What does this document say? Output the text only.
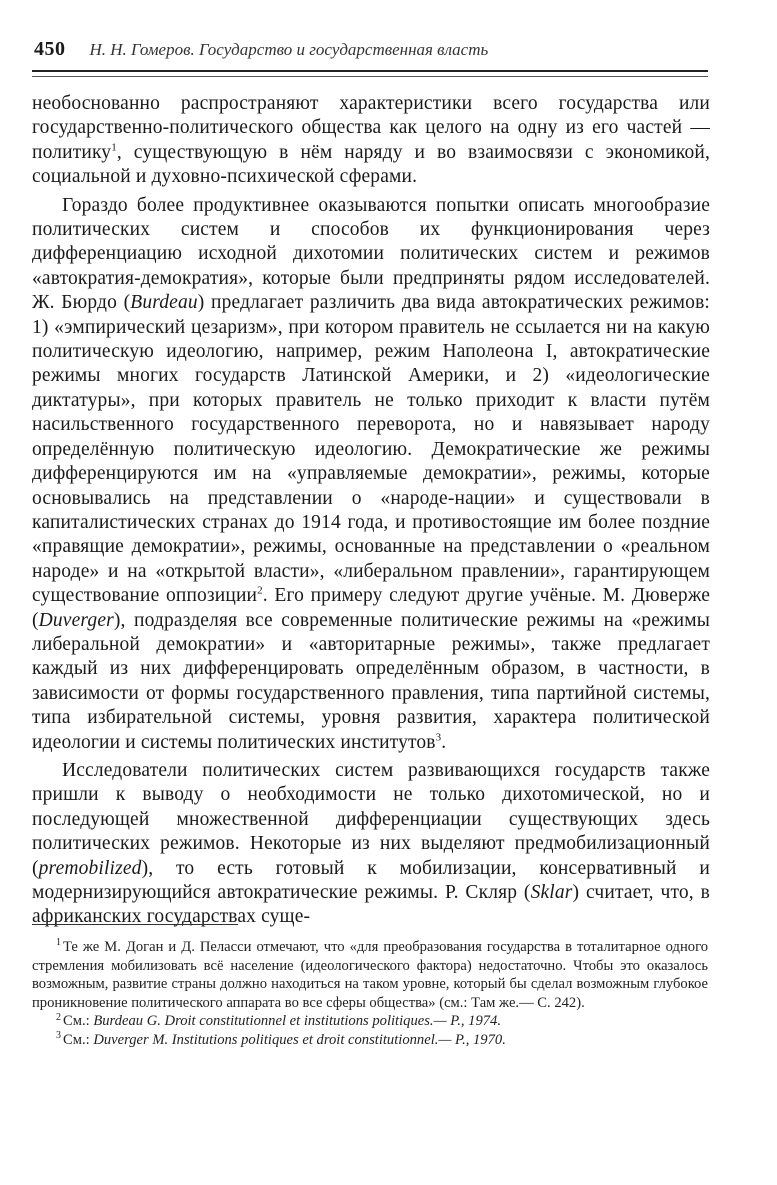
450 Н. Н. Гомеров. Государство и государственная власть

необоснованно распространяют характеристики всего государства или государственно-политического общества как целого на одну из его частей — политику$^1$, существующую в нём наряду и во взаимосвязи с экономикой, социальной и духовно-психической сферами.

Гораздо более продуктивнее оказываются попытки описать многообразие политических систем и способов их функционирования через дифференциацию исходной дихотомии политических систем и режимов «автократия-демократия», которые были предприняты рядом исследователей. Ж. Бюрдо (Burdeau) предлагает различить два вида автократических режимов: 1) «эмпирический цезаризм», при котором правитель не ссылается ни на какую политическую идеологию, например, режим Наполеона I, автократические режимы многих государств Латинской Америки, и 2) «идеологические диктатуры», при которых правитель не только приходит к власти путём насильственного государственного переворота, но и навязывает народу определённую политическую идеологию. Демократические же режимы дифференцируются им на «управляемые демократии», режимы, которые основывались на представлении о «народе-нации» и существовали в капиталистических странах до 1914 года, и противостоящие им более поздние «правящие демократии», режимы, основанные на представлении о «реальном народе» и на «открытой власти», «либеральном правлении», гарантирующем существование оппозиции$^2$. Его примеру следуют другие учёные. М. Дюверже (Duverger), подразделяя все современные политические режимы на «режимы либеральной демократии» и «авторитарные режимы», также предлагает каждый из них дифференцировать определённым образом, в частности, в зависимости от формы государственного правления, типа партийной системы, типа избирательной системы, уровня развития, характера политической идеологии и системы политических институтов$^3$.

Исследователи политических систем развивающихся государств также пришли к выводу о необходимости не только дихотомической, но и последующей множественной дифференциации существующих здесь политических режимов. Некоторые из них выделяют предмобилизационный (premobilized), то есть готовый к мобилизации, консервативный и модернизирующийся автократические режимы. Р. Скляр (Sklar) считает, что, в африканских государствах суще-

$^1$ Те же М. Доган и Д. Пеласси отмечают, что «для преобразования государства в тоталитарное одного стремления мобилизовать всё население (идеологического фактора) недостаточно. Чтобы это оказалось возможным, развитие страны должно находиться на таком уровне, который бы сделал возможным глубокое проникновение политического аппарата во все сферы общества» (см.: Там же.— С. 242).

$^2$ См.: Burdeau G. Droit constitutionnel et institutions politiques.— P., 1974.

$^3$ См.: Duverger M. Institutions politiques et droit constitutionnel.— P., 1970.
